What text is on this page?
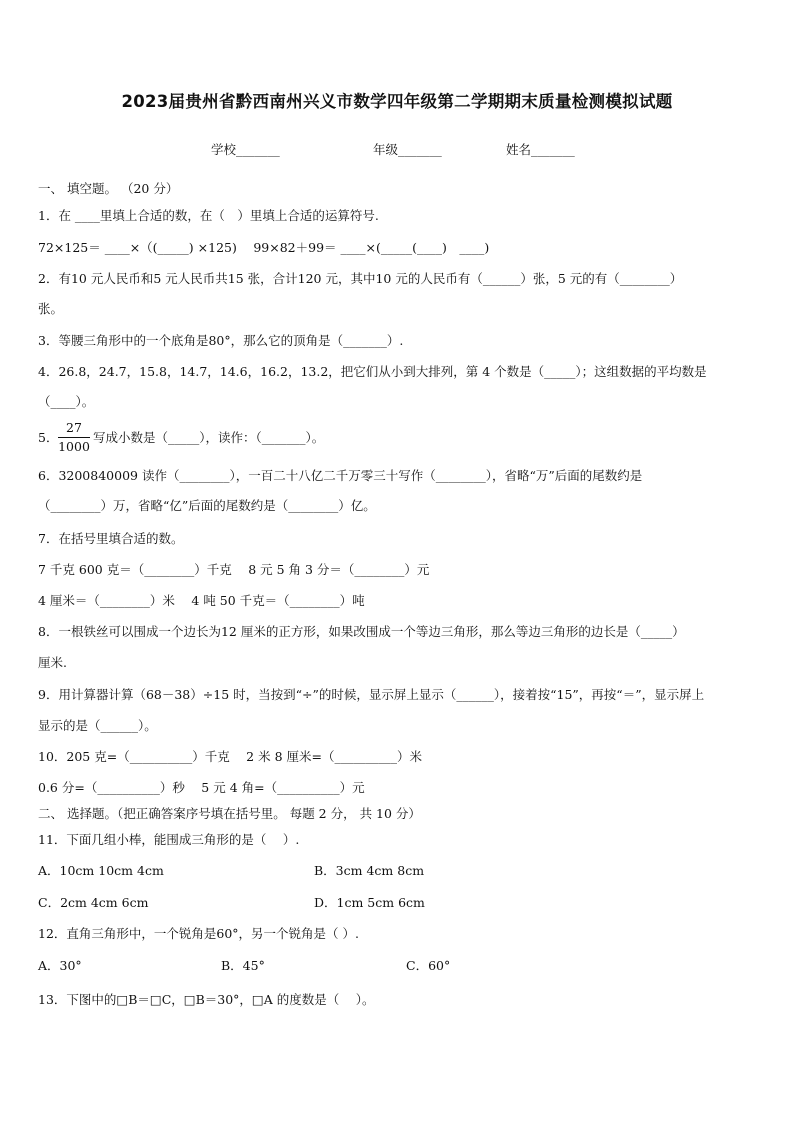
2023届贵州省黔西南州兴义市数学四年级第二学期期末质量检测模拟试题
学校_______	年级_______	姓名_______
一、 填空题。 （20 分）
1．在 ____里填上合适的数，在（　）里填上合适的运算符号.
72×125＝ ____×（(_____) ×125)　 99×82＋99＝ ____×(_____(____)　____)
2．有10 元人民币和5 元人民币共15 张，合计120 元，其中10 元的人民币有（______）张，5 元的有（________）
张。
3．等腰三角形中的一个底角是80°，那么它的顶角是（_______）.
4．26.8，24.7，15.8，14.7，14.6，16.2，13.2，把它们从小到大排列，第 4 个数是（_____）；这组数据的平均数是
（____）。
5． $\frac{27}{1000}$ 写成小数是（_____），读作：（_______）。
6．3200840009 读作（________），一百二十八亿二千万零三十写作（________），省略“万”后面的尾数约是
（________）万，省略“亿”后面的尾数约是（________）亿。
7．在括号里填合适的数。
7 千克 600 克＝（________）千克　 8 元 5 角 3 分＝（________）元
4 厘米＝（________）米　 4 吨 50 千克＝（________）吨
8．一根铁丝可以围成一个边长为12 厘米的正方形，如果改围成一个等边三角形，那么等边三角形的边长是（_____）
厘米.
9．用计算器计算（68－38）÷15 时，当按到“÷”的时候，显示屏上显示（______），接着按“15”，再按“＝”，显示屏上
显示的是（______）。
10．205 克=（__________）千克　 2 米 8 厘米=（__________）米
0.6 分=（__________）秒　 5 元 4 角=（__________）元
二、 选择题。（把正确答案序号填在括号里。 每题 2 分， 共 10 分）
11．下面几组小棒，能围成三角形的是（　 ）.
A．10cm 10cm 4cm	B．3cm 4cm 8cm
C．2cm 4cm 6cm	D．1cm 5cm 6cm
12．直角三角形中，一个锐角是60°，另一个锐角是（ ）.
A．30°	B．45°	C．60°
13．下图中的□B＝□C，□B＝30°，□A 的度数是（　 ）。
